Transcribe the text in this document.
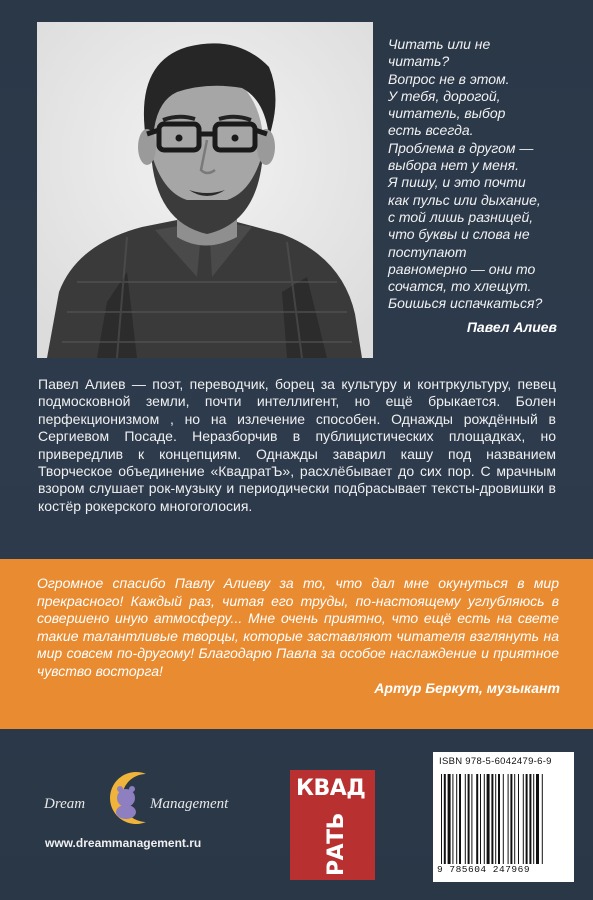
Читать или не
читать?
Вопрос не в этом.
У тебя, дорогой,
читатель, выбор
есть всегда.
Проблема в другом —
выбора нет у меня.
Я пишу, и это почти
как пульс или дыхание,
с той лишь разницей,
что буквы и слова не
поступают
равномерно — они то
сочатся, то хлещут.
Боишься испачкаться?
Павел Алиев

Павел Алиев — поэт, переводчик, борец за культуру и контркультуру, певец подмосковной земли, почти интеллигент, но ещё брыкается. Болен перфекционизмом , но на излечение способен. Однажды рождённый в Сергиевом Посаде. Неразборчив в публицистических площадках, но привередлив к концепциям. Однажды заварил кашу под названием Творческое объединение «КвадратЪ», расхлёбывает до сих пор. С мрачным взором слушает рок-музыку и периодически подбрасывает тексты-дровишки в костёр рокерского многоголосия.

Огромное спасибо Павлу Алиеву за то, что дал мне окунуться в мир прекрасного! Каждый раз, читая его труды, по-настоящему углубляюсь в совершено иную атмосферу... Мне очень приятно, что ещё есть на свете такие талантливые творцы, которые заставляют читателя взглянуть на мир совсем по-другому! Благодарю Павла за особое наслаждение и приятное чувство восторга!

Артур Беркут, музыкант
Dream	Management
www.dreammanagement.ru
КВАД
РАТЬ
ISBN 978-5-6042479-6-9
9 785604 247969
